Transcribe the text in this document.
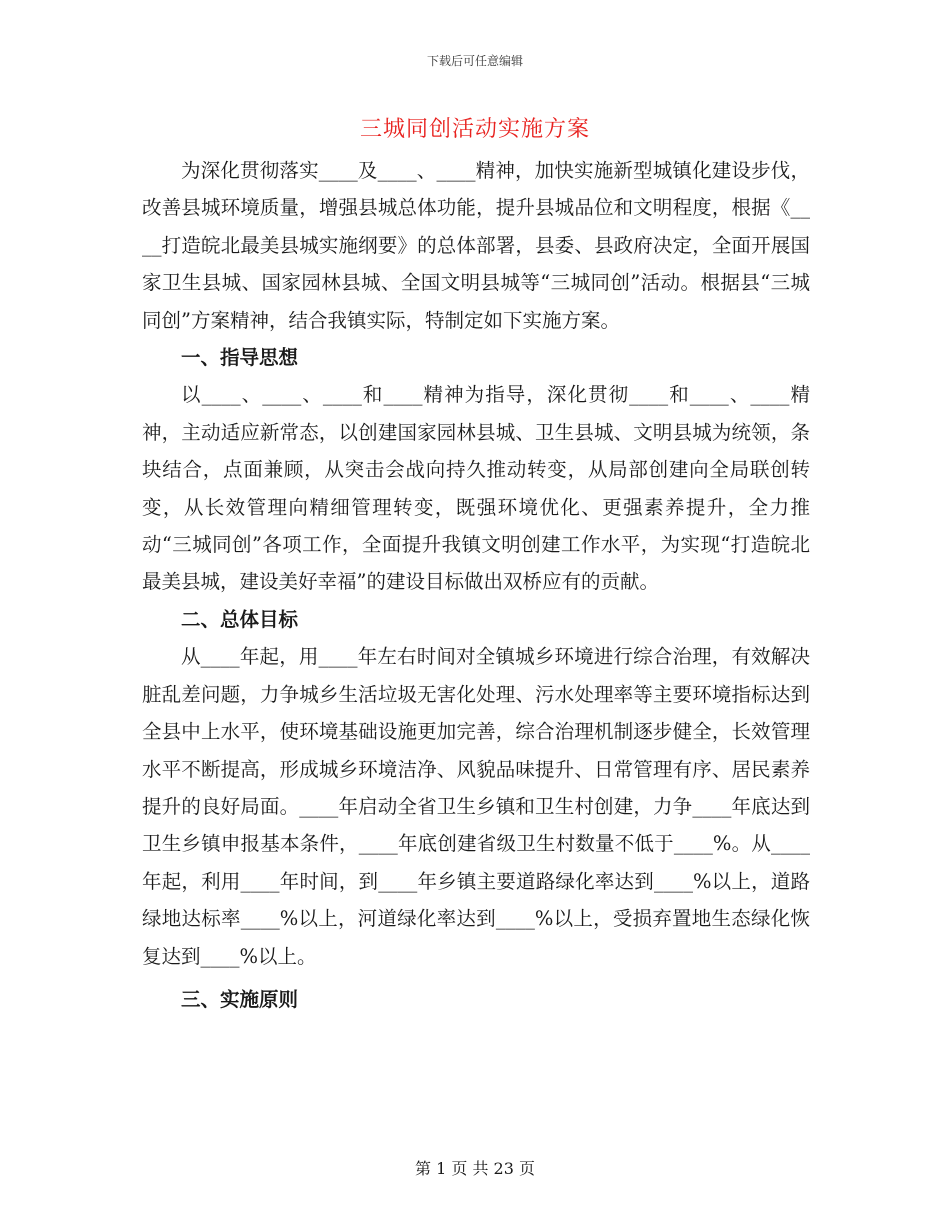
下载后可任意编辑
三城同创活动实施方案

为深化贯彻落实____及____、____精神，加快实施新型城镇化建设步伐，改善县城环境质量，增强县城总体功能，提升县城品位和文明程度，根据《____打造皖北最美县城实施纲要》的总体部署，县委、县政府决定，全面开展国家卫生县城、国家园林县城、全国文明县城等“三城同创”活动。根据县“三城同创”方案精神，结合我镇实际，特制定如下实施方案。

一、指导思想

以____、____、____和____精神为指导，深化贯彻____和____、____精神，主动适应新常态，以创建国家园林县城、卫生县城、文明县城为统领，条块结合，点面兼顾，从突击会战向持久推动转变，从局部创建向全局联创转变，从长效管理向精细管理转变，既强环境优化、更强素养提升，全力推动“三城同创”各项工作，全面提升我镇文明创建工作水平，为实现“打造皖北最美县城，建设美好幸福”的建设目标做出双桥应有的贡献。

二、总体目标

从____年起，用____年左右时间对全镇城乡环境进行综合治理，有效解决脏乱差问题，力争城乡生活垃圾无害化处理、污水处理率等主要环境指标达到全县中上水平，使环境基础设施更加完善，综合治理机制逐步健全，长效管理水平不断提高，形成城乡环境洁净、风貌品味提升、日常管理有序、居民素养提升的良好局面。____年启动全省卫生乡镇和卫生村创建，力争____年底达到卫生乡镇申报基本条件，____年底创建省级卫生村数量不低于____%。从____年起，利用____年时间，到____年乡镇主要道路绿化率达到____%以上，道路绿地达标率____%以上，河道绿化率达到____%以上，受损弃置地生态绿化恢复达到____%以上。

三、实施原则

第 1 页 共 23 页
